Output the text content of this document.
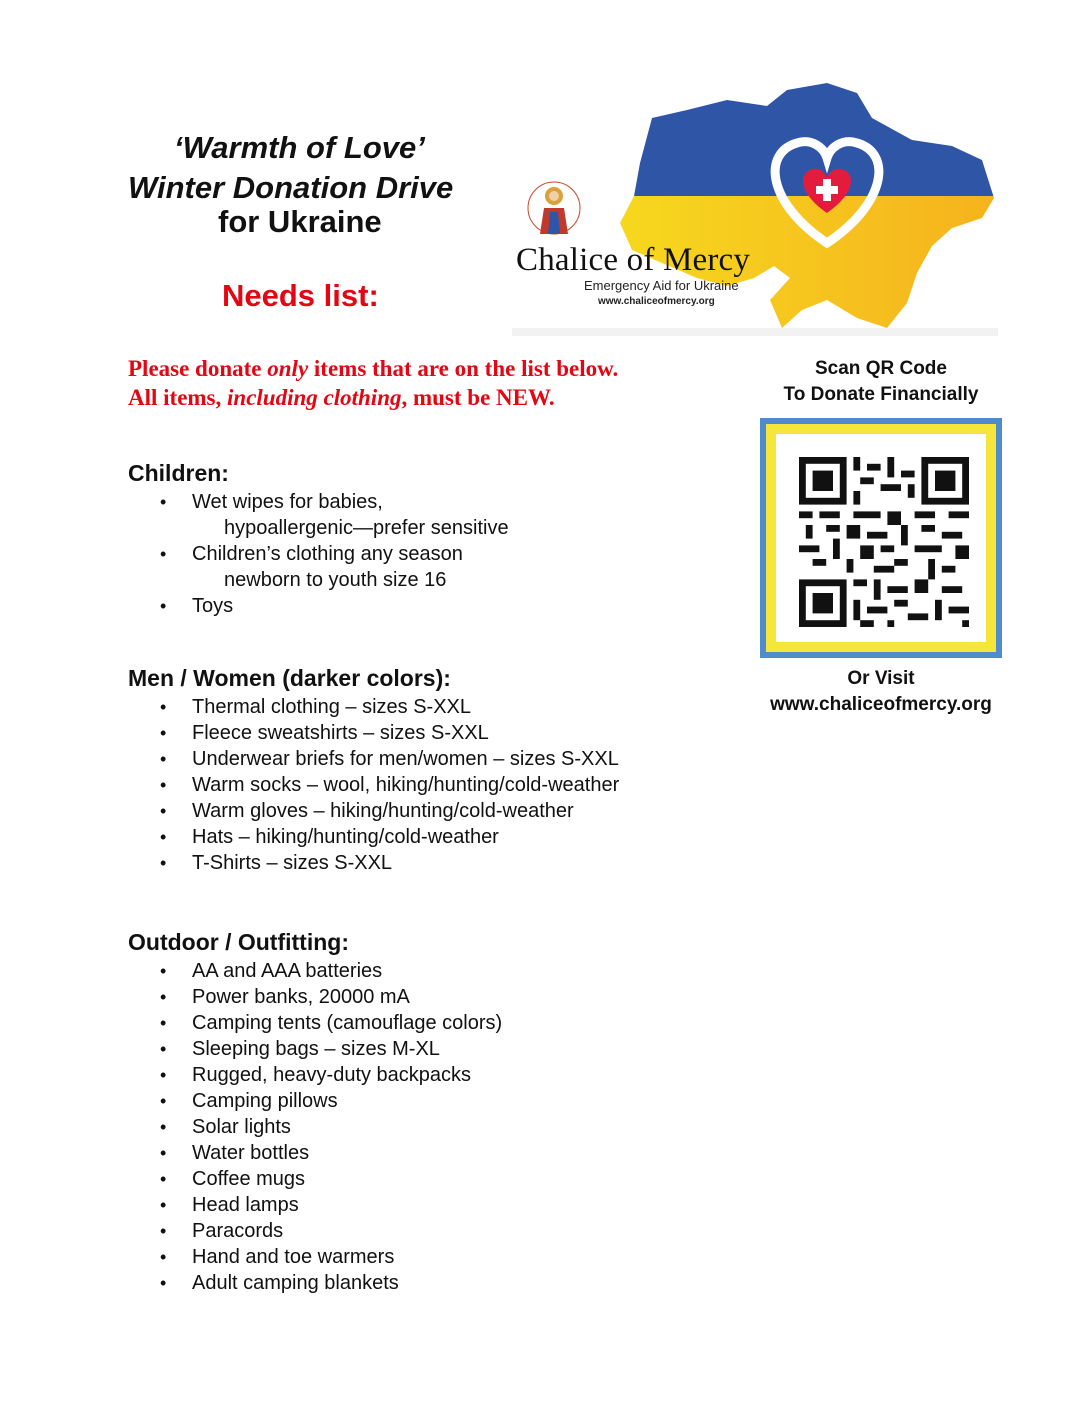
‘Warmth of Love’
Winter Donation Drive
for Ukraine
Needs list:
Chalice of Mercy
Emergency Aid for Ukraine
www.chaliceofmercy.org
Please donate only items that are on the list below.
All items, including clothing, must be NEW.
Scan QR Code
To Donate Financially
Or Visit
www.chaliceofmercy.org
Children:
• Wet wipes for babies,
hypoallergenic—prefer sensitive
• Children’s clothing any season
newborn to youth size 16
• Toys
Men / Women (darker colors):
• Thermal clothing – sizes S-XXL
• Fleece sweatshirts – sizes S-XXL
• Underwear briefs for men/women – sizes S-XXL
• Warm socks – wool, hiking/hunting/cold-weather
• Warm gloves – hiking/hunting/cold-weather
• Hats – hiking/hunting/cold-weather
• T-Shirts – sizes S-XXL
Outdoor / Outfitting:
• AA and AAA batteries
• Power banks, 20000 mA
• Camping tents (camouflage colors)
• Sleeping bags – sizes M-XL
• Rugged, heavy-duty backpacks
• Camping pillows
• Solar lights
• Water bottles
• Coffee mugs
• Head lamps
• Paracords
• Hand and toe warmers
• Adult camping blankets
